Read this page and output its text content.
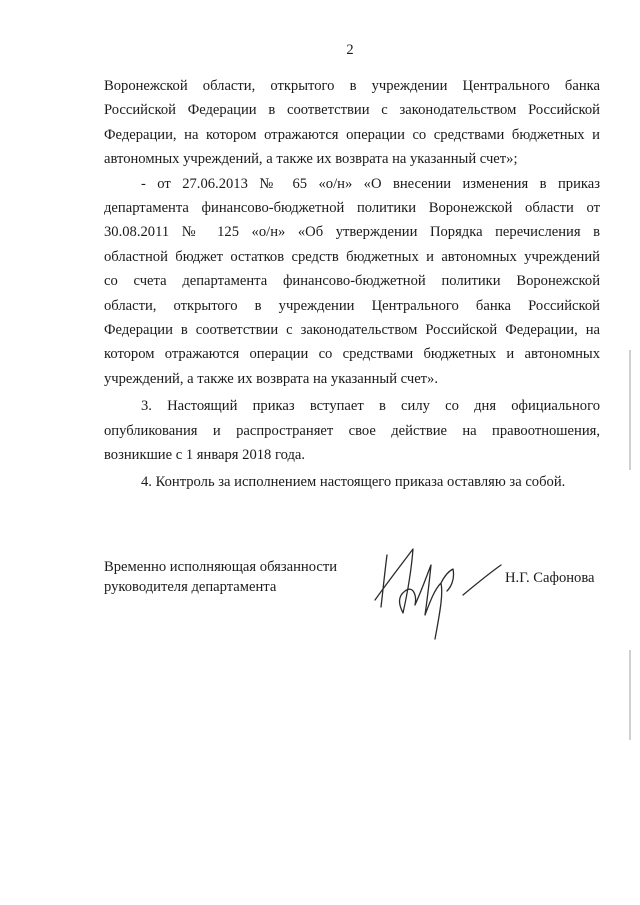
2
Воронежской области, открытого в учреждении Центрального банка
Российской Федерации в соответствии с законодательством Российской
Федерации, на котором отражаются операции со средствами бюджетных и
автономных учреждений, а также их возврата на указанный счет»;
- от 27.06.2013 № 65 «о/н» «О внесении изменения в приказ
департамента финансово-бюджетной политики Воронежской области от
30.08.2011 № 125 «о/н» «Об утверждении Порядка перечисления в
областной бюджет остатков средств бюджетных и автономных учреждений
со счета департамента финансово-бюджетной политики Воронежской
области, открытого в учреждении Центрального банка Российской
Федерации в соответствии с законодательством Российской Федерации, на
котором отражаются операции со средствами бюджетных и автономных
учреждений, а также их возврата на указанный счет».
3. Настоящий приказ вступает в силу со дня официального
опубликования и распространяет свое действие на правоотношения,
возникшие с 1 января 2018 года.
4. Контроль за исполнением настоящего приказа оставляю за собой.
Временно исполняющая обязанности
руководителя департамента
Н.Г. Сафонова
